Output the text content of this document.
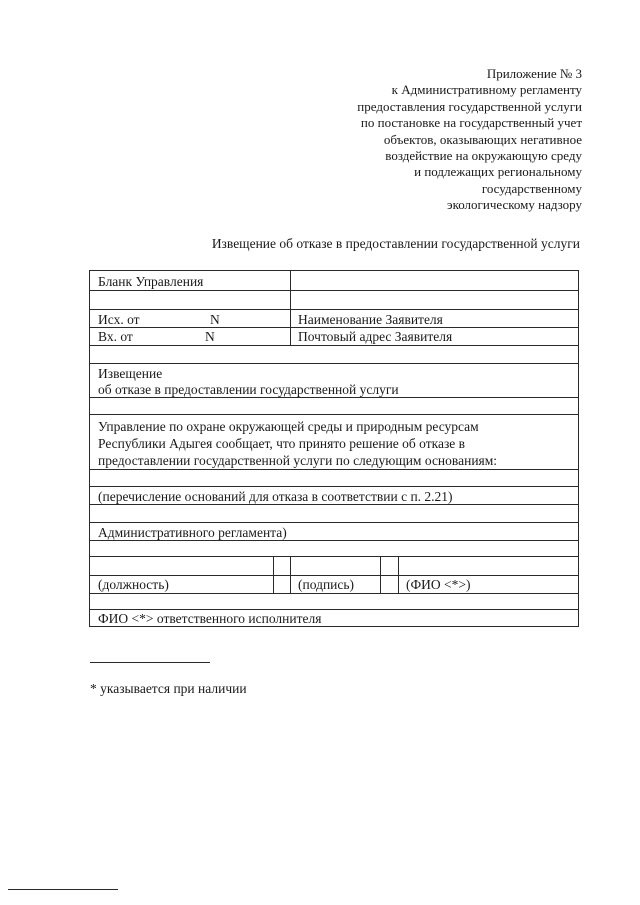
Приложение № 3
к Административному регламенту
предоставления государственной услуги
по постановке на государственный учет
объектов, оказывающих негативное
воздействие на окружающую среду
и подлежащих региональному
государственному
экологическому надзору
Извещение об отказе в предоставлении государственной услуги
Бланк Управления
Исх. от	N	Наименование Заявителя
Вх. от	N	Почтовый адрес Заявителя
Извещение
об отказе в предоставлении государственной услуги
Управление по охране окружающей среды и природным ресурсам
Республики Адыгея сообщает, что принято решение об отказе в
предоставлении государственной услуги по следующим основаниям:
(перечисление оснований для отказа в соответствии с п. 2.21)
Административного регламента)
(должность)	(подпись)	(ФИО <*>)
ФИО <*> ответственного исполнителя
* указывается при наличии
